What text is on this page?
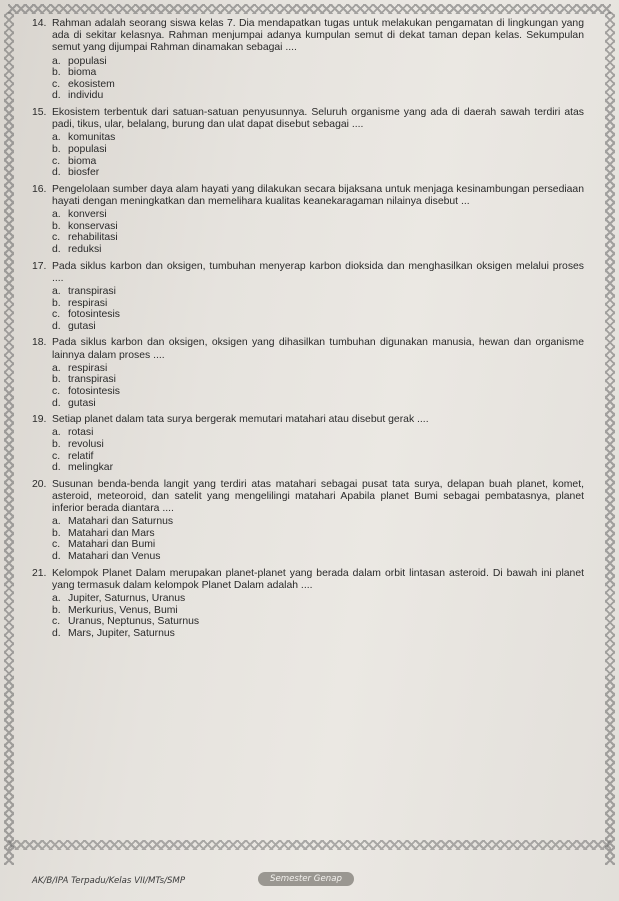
14. Rahman adalah seorang siswa kelas 7. Dia mendapatkan tugas untuk melakukan pengamatan di lingkungan yang ada di sekitar kelasnya. Rahman menjumpai adanya kumpulan semut di dekat taman depan kelas. Sekumpulan semut yang dijumpai Rahman dinamakan sebagai ....
a. populasi
b. bioma
c. ekosistem
d. individu
15. Ekosistem terbentuk dari satuan-satuan penyusunnya. Seluruh organisme yang ada di daerah sawah terdiri atas padi, tikus, ular, belalang, burung dan ulat dapat disebut sebagai ....
a. komunitas
b. populasi
c. bioma
d. biosfer
16. Pengelolaan sumber daya alam hayati yang dilakukan secara bijaksana untuk menjaga kesinambungan persediaan hayati dengan meningkatkan dan memelihara kualitas keanekaragaman nilainya disebut ...
a. konversi
b. konservasi
c. rehabilitasi
d. reduksi
17. Pada siklus karbon dan oksigen, tumbuhan menyerap karbon dioksida dan menghasilkan oksigen melalui proses ....
a. transpirasi
b. respirasi
c. fotosintesis
d. gutasi
18. Pada siklus karbon dan oksigen, oksigen yang dihasilkan tumbuhan digunakan manusia, hewan dan organisme lainnya dalam proses ....
a. respirasi
b. transpirasi
c. fotosintesis
d. gutasi
19. Setiap planet dalam tata surya bergerak memutari matahari atau disebut gerak ....
a. rotasi
b. revolusi
c. relatif
d. melingkar
20. Susunan benda-benda langit yang terdiri atas matahari sebagai pusat tata surya, delapan buah planet, komet, asteroid, meteoroid, dan satelit yang mengelilingi matahari Apabila planet Bumi sebagai pembatasnya, planet inferior berada diantara ....
a. Matahari dan Saturnus
b. Matahari dan Mars
c. Matahari dan Bumi
d. Matahari dan Venus
21. Kelompok Planet Dalam merupakan planet-planet yang berada dalam orbit lintasan asteroid. Di bawah ini planet yang termasuk dalam kelompok Planet Dalam adalah ....
a. Jupiter, Saturnus, Uranus
b. Merkurius, Venus, Bumi
c. Uranus, Neptunus, Saturnus
d. Mars, Jupiter, Saturnus
AK/B/IPA Terpadu/Kelas VII/MTs/SMP	Semester Genap
